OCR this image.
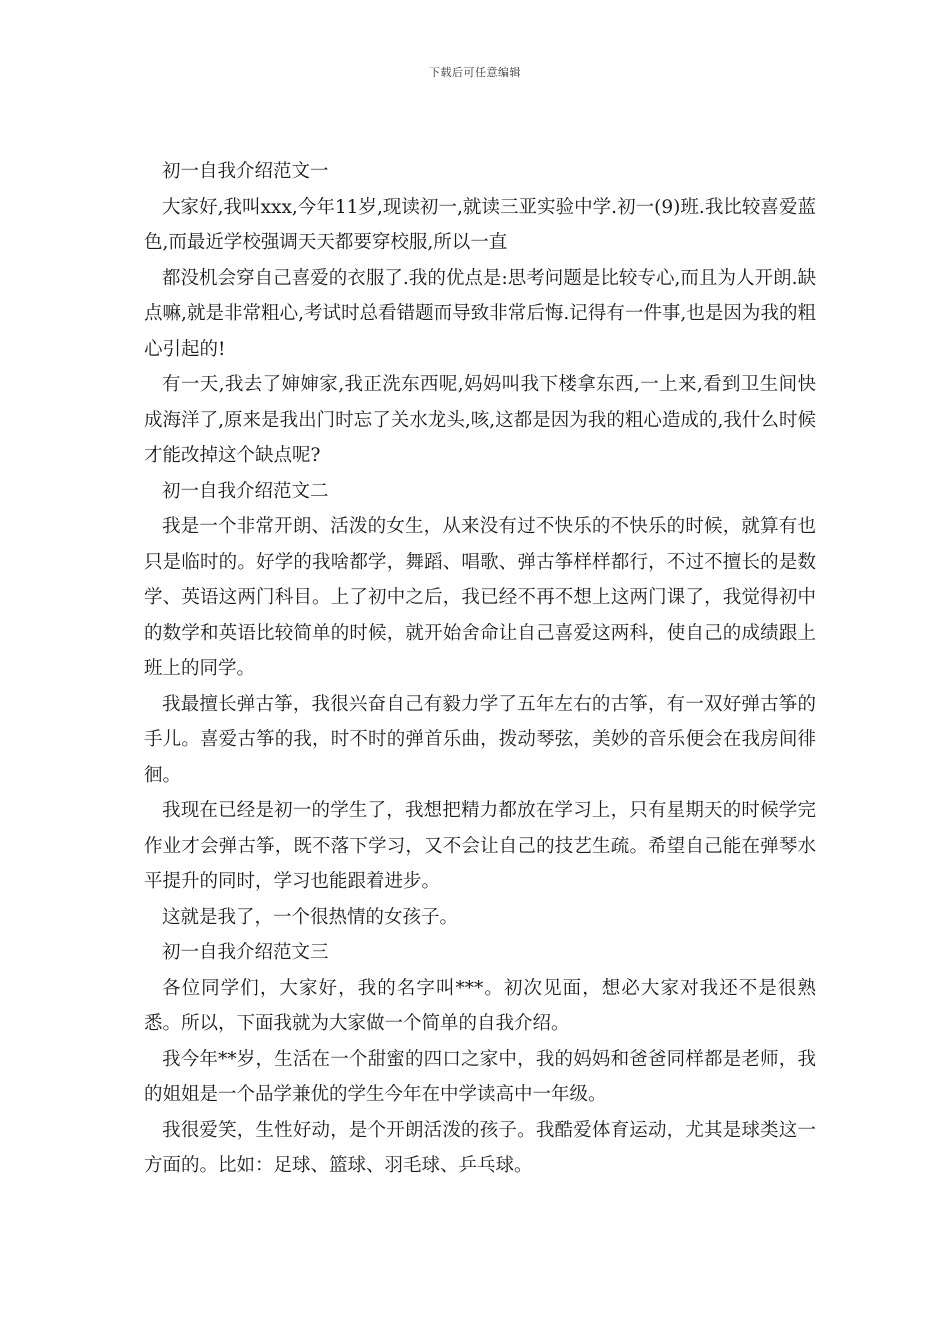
下载后可任意编辑

初一自我介绍范文一

大家好,我叫xxx,今年11岁,现读初一,就读三亚实验中学.初一(9)班.我比较喜爱蓝色,而最近学校强调天天都要穿校服,所以一直

都没机会穿自己喜爱的衣服了.我的优点是:思考问题是比较专心,而且为人开朗.缺点嘛,就是非常粗心,考试时总看错题而导致非常后悔.记得有一件事,也是因为我的粗心引起的!

有一天,我去了婶婶家,我正洗东西呢,妈妈叫我下楼拿东西,一上来,看到卫生间快成海洋了,原来是我出门时忘了关水龙头,咳,这都是因为我的粗心造成的,我什么时候才能改掉这个缺点呢?

初一自我介绍范文二

我是一个非常开朗、活泼的女生，从来没有过不快乐的不快乐的时候，就算有也只是临时的。好学的我啥都学，舞蹈、唱歌、弹古筝样样都行，不过不擅长的是数学、英语这两门科目。上了初中之后，我已经不再不想上这两门课了，我觉得初中的数学和英语比较简单的时候，就开始舍命让自己喜爱这两科，使自己的成绩跟上班上的同学。

我最擅长弹古筝，我很兴奋自己有毅力学了五年左右的古筝，有一双好弹古筝的手儿。喜爱古筝的我，时不时的弹首乐曲，拨动琴弦，美妙的音乐便会在我房间徘徊。

我现在已经是初一的学生了，我想把精力都放在学习上，只有星期天的时候学完作业才会弹古筝，既不落下学习，又不会让自己的技艺生疏。希望自己能在弹琴水平提升的同时，学习也能跟着进步。

这就是我了，一个很热情的女孩子。

初一自我介绍范文三

各位同学们，大家好，我的名字叫***。初次见面，想必大家对我还不是很熟悉。所以，下面我就为大家做一个简单的自我介绍。

我今年**岁，生活在一个甜蜜的四口之家中，我的妈妈和爸爸同样都是老师，我的姐姐是一个品学兼优的学生今年在中学读高中一年级。

我很爱笑，生性好动，是个开朗活泼的孩子。我酷爱体育运动，尤其是球类这一方面的。比如：足球、篮球、羽毛球、乒乓球。
